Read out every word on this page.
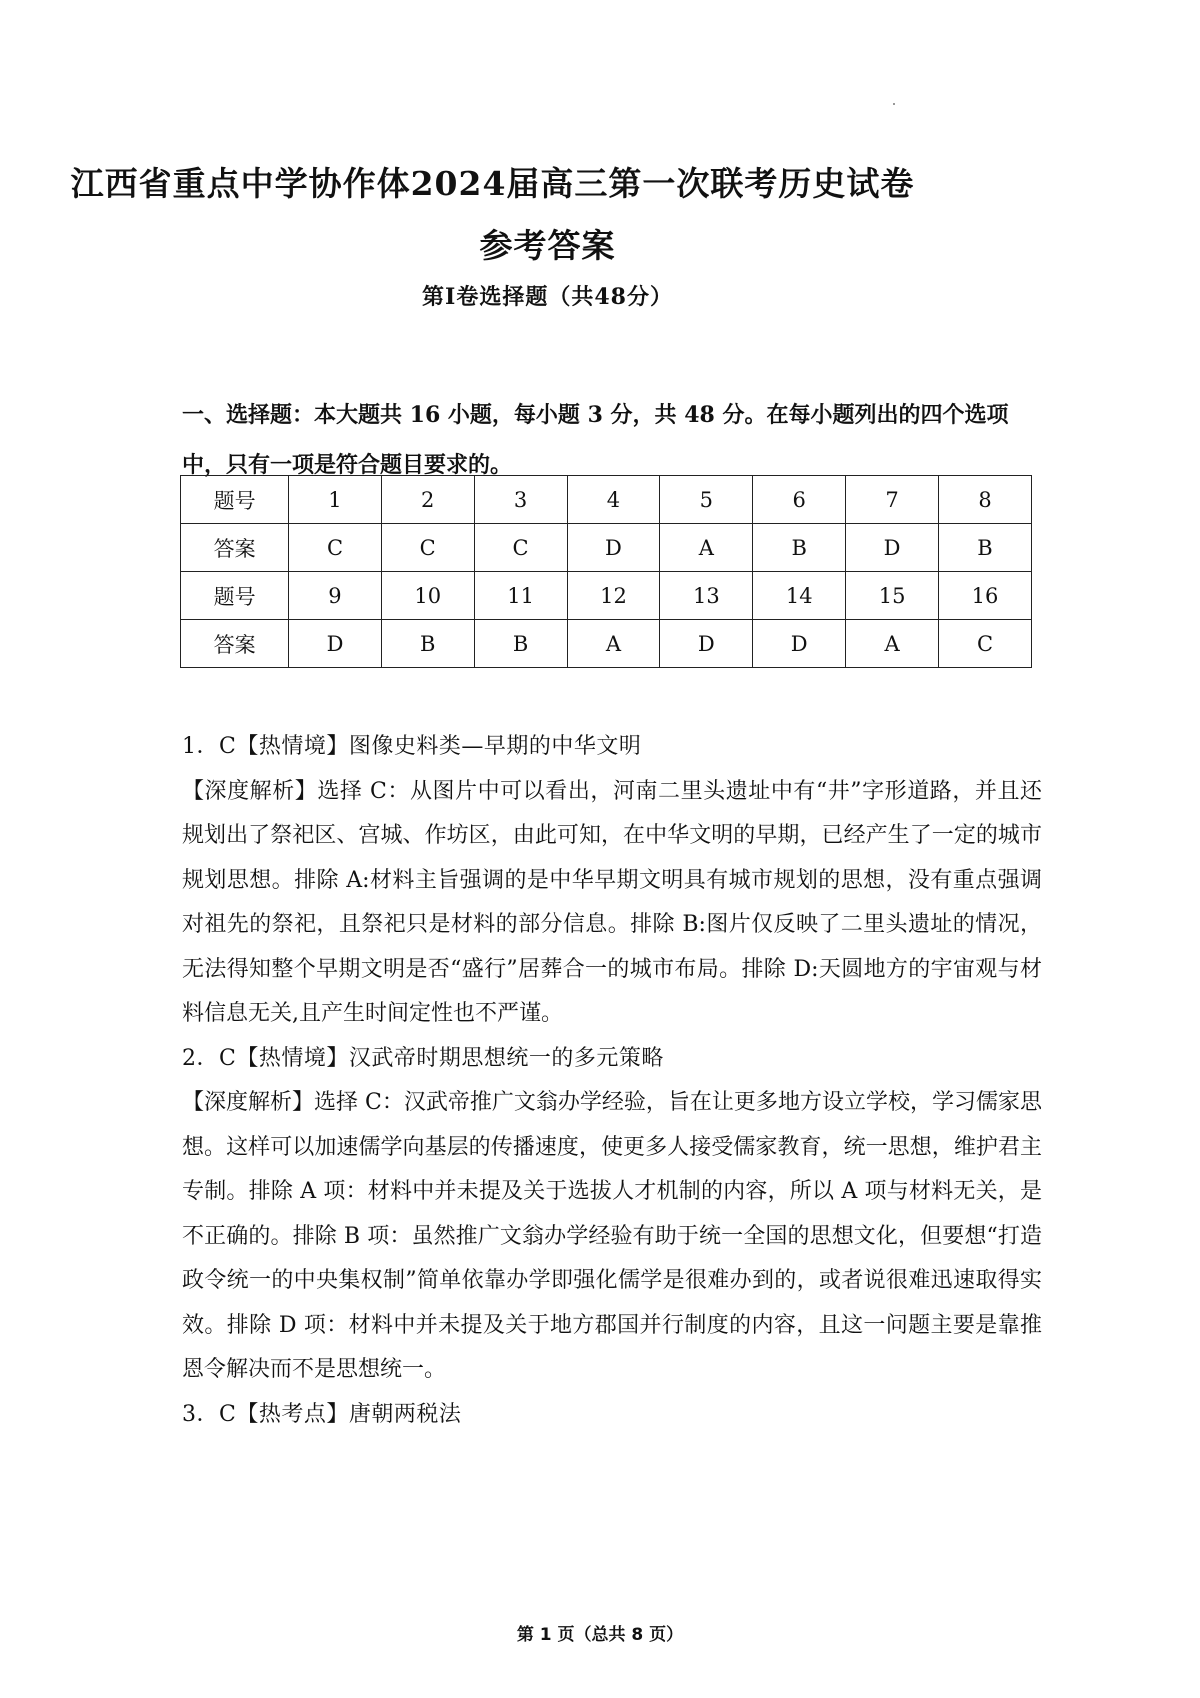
江西省重点中学协作体2024届高三第一次联考历史试卷
参考答案
第Ⅰ卷选择题（共48分）
一、选择题：本大题共 16 小题，每小题 3 分，共 48 分。在每小题列出的四个选项中，只有一项是符合题目要求的。
题号	1	2	3	4	5	6	7	8
答案	C	C	C	D	A	B	D	B
题号	9	10	11	12	13	14	15	16
答案	D	B	B	A	D	D	A	C

1．C【热情境】图像史料类—早期的中华文明

【深度解析】选择 C：从图片中可以看出，河南二里头遗址中有“井”字形道路，并且还规划出了祭祀区、宫城、作坊区，由此可知，在中华文明的早期，已经产生了一定的城市规划思想。排除 A:材料主旨强调的是中华早期文明具有城市规划的思想，没有重点强调对祖先的祭祀，且祭祀只是材料的部分信息。排除 B:图片仅反映了二里头遗址的情况，无法得知整个早期文明是否“盛行”居葬合一的城市布局。排除 D:天圆地方的宇宙观与材料信息无关,且产生时间定性也不严谨。

2．C【热情境】汉武帝时期思想统一的多元策略

【深度解析】选择 C：汉武帝推广文翁办学经验，旨在让更多地方设立学校，学习儒家思想。这样可以加速儒学向基层的传播速度，使更多人接受儒家教育，统一思想，维护君主专制。排除 A 项：材料中并未提及关于选拔人才机制的内容，所以 A 项与材料无关，是不正确的。排除 B 项：虽然推广文翁办学经验有助于统一全国的思想文化，但要想“打造政令统一的中央集权制”简单依靠办学即强化儒学是很难办到的，或者说很难迅速取得实效。排除 D 项：材料中并未提及关于地方郡国并行制度的内容，且这一问题主要是靠推恩令解决而不是思想统一。

3．C【热考点】唐朝两税法

第 1 页（总共 8 页）
